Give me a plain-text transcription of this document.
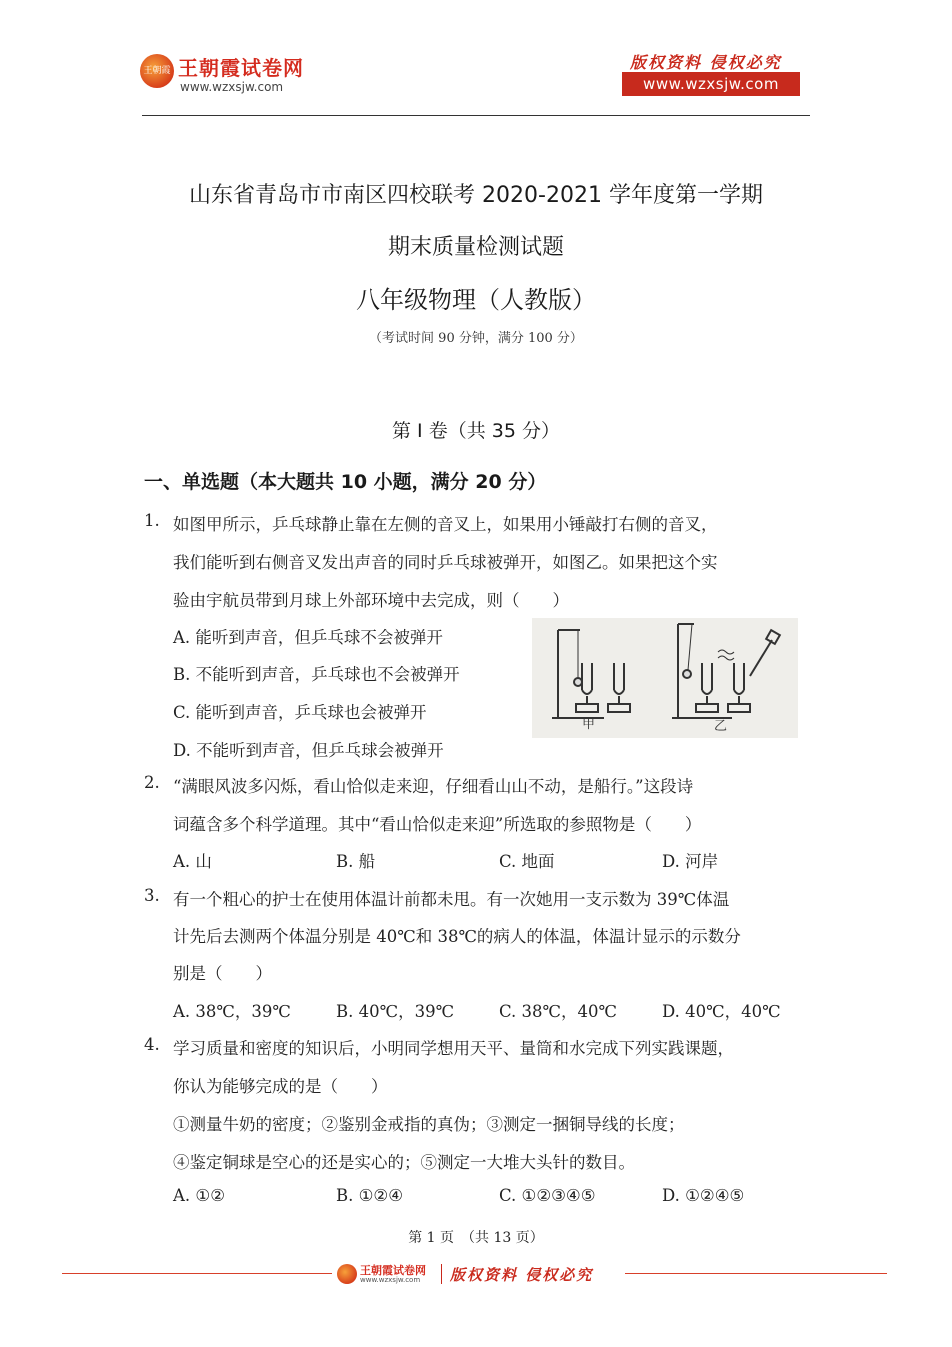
王朝霞 王朝霞试卷网
www.wzxsjw.com
版权资料 侵权必究
www.wzxsjw.com
山东省青岛市市南区四校联考 2020-2021 学年度第一学期
期末质量检测试题
八年级物理（人教版）
（考试时间 90 分钟，满分 100 分）
第 Ⅰ 卷（共 35 分）
一、单选题（本大题共 10 小题，满分 20 分）
1. 如图甲所示，乒乓球静止靠在左侧的音叉上，如果用小锤敲打右侧的音叉，
我们能听到右侧音叉发出声音的同时乒乓球被弹开，如图乙。如果把这个实
验由宇航员带到月球上外部环境中去完成，则（　　）
A. 能听到声音，但乒乓球不会被弹开
B. 不能听到声音，乒乓球也不会被弹开
C. 能听到声音，乒乓球也会被弹开
D. 不能听到声音，但乒乓球会被弹开
甲	乙
2. “满眼风波多闪烁，看山恰似走来迎，仔细看山山不动，是船行。”这段诗
词蕴含多个科学道理。其中“看山恰似走来迎”所选取的参照物是（　　）
A. 山	B. 船	C. 地面	D. 河岸
3. 有一个粗心的护士在使用体温计前都未甩。有一次她用一支示数为 39℃体温
计先后去测两个体温分别是 40℃和 38℃的病人的体温，体温计显示的示数分
别是（　　）
A. 38℃，39℃	B. 40℃，39℃	C. 38℃，40℃	D. 40℃，40℃
4. 学习质量和密度的知识后，小明同学想用天平、量筒和水完成下列实践课题，
你认为能够完成的是（　　）
①测量牛奶的密度；②鉴别金戒指的真伪；③测定一捆铜导线的长度；
④鉴定铜球是空心的还是实心的；⑤测定一大堆大头针的数目。
A. ①②	B. ①②④	C. ①②③④⑤	D. ①②④⑤
第 1 页　（共 13 页）
王朝霞试卷网
www.wzxsjw.com 版权资料 侵权必究
